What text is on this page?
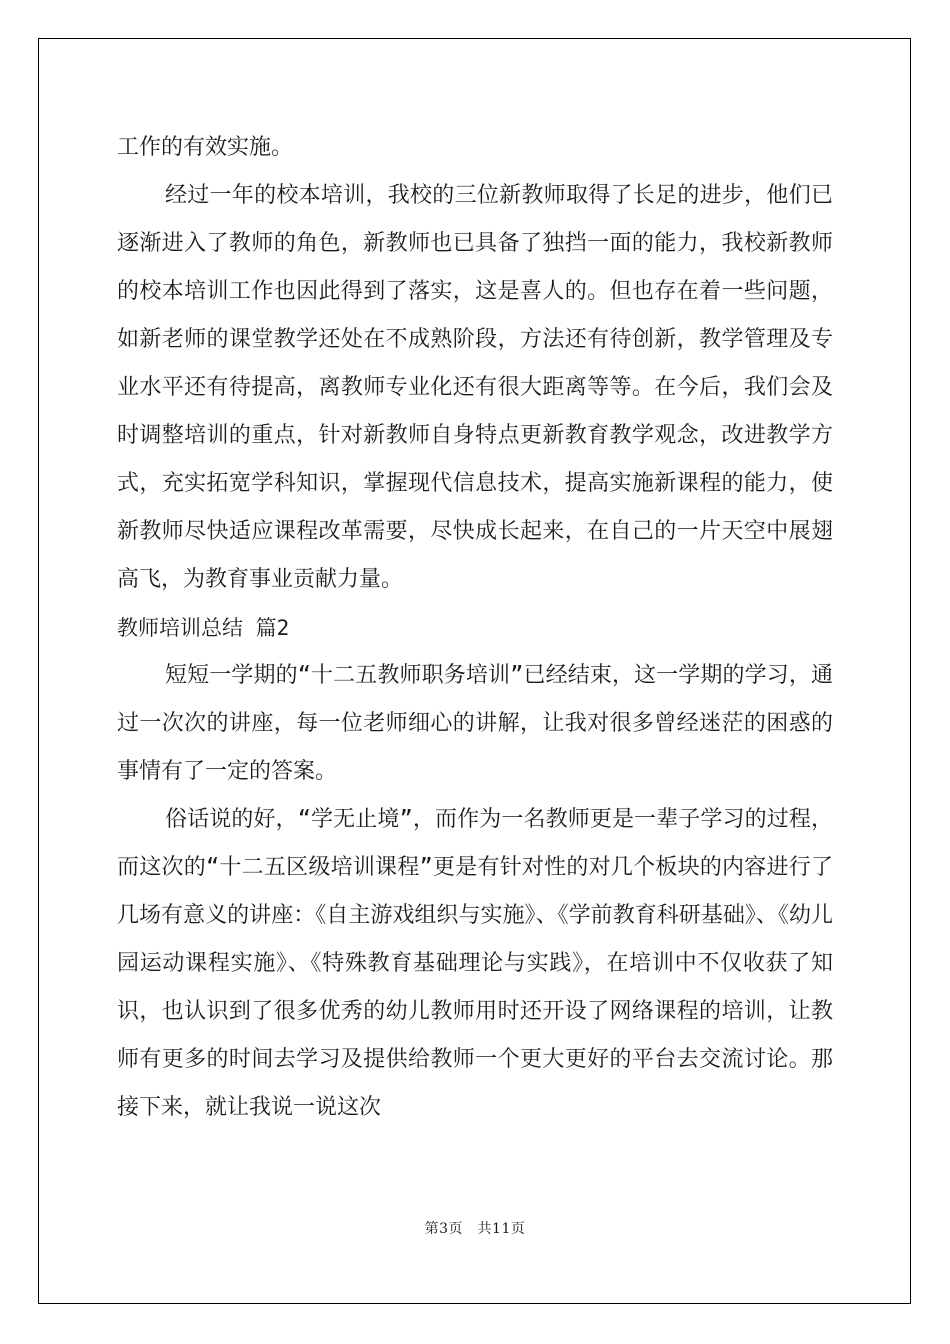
工作的有效实施。

经过一年的校本培训，我校的三位新教师取得了长足的进步，他们已逐渐进入了教师的角色，新教师也已具备了独挡一面的能力，我校新教师的校本培训工作也因此得到了落实，这是喜人的。但也存在着一些问题，如新老师的课堂教学还处在不成熟阶段，方法还有待创新，教学管理及专业水平还有待提高，离教师专业化还有很大距离等等。在今后，我们会及时调整培训的重点，针对新教师自身特点更新教育教学观念，改进教学方式，充实拓宽学科知识，掌握现代信息技术，提高实施新课程的能力，使新教师尽快适应课程改革需要，尽快成长起来，在自己的一片天空中展翅高飞，为教育事业贡献力量。

教师培训总结 篇2

短短一学期的“十二五教师职务培训”已经结束，这一学期的学习，通过一次次的讲座，每一位老师细心的讲解，让我对很多曾经迷茫的困惑的事情有了一定的答案。

俗话说的好，“学无止境”，而作为一名教师更是一辈子学习的过程，而这次的“十二五区级培训课程”更是有针对性的对几个板块的内容进行了几场有意义的讲座：《自主游戏组织与实施》、《学前教育科研基础》、《幼儿园运动课程实施》、《特殊教育基础理论与实践》，在培训中不仅收获了知识，也认识到了很多优秀的幼儿教师用时还开设了网络课程的培训，让教师有更多的时间去学习及提供给教师一个更大更好的平台去交流讨论。那接下来，就让我说一说这次

第3页　共11页
